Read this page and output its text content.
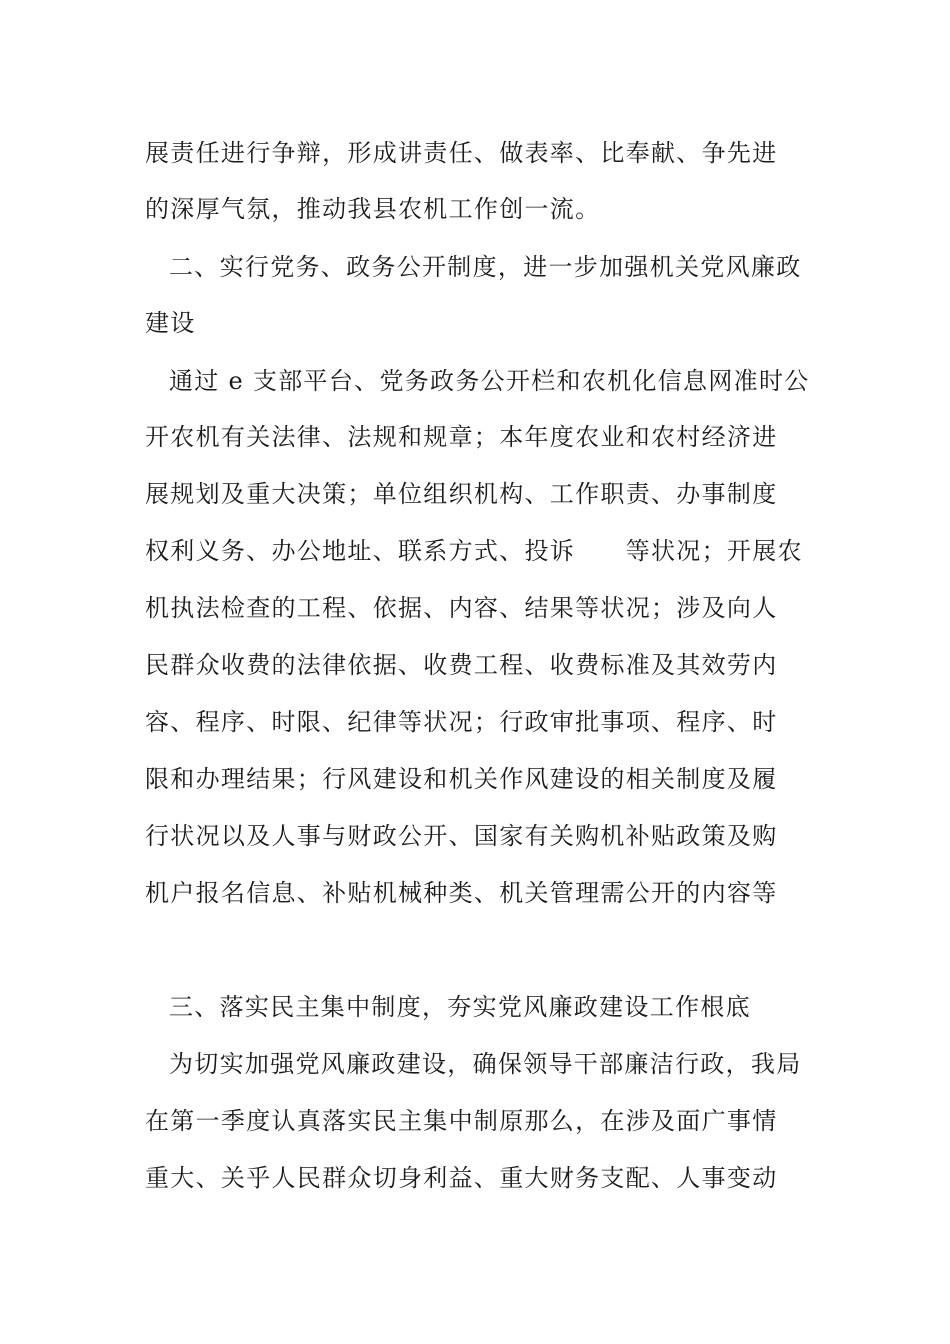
展责任进行争辩，形成讲责任、做表率、比奉献、争先进
的深厚气氛，推动我县农机工作创一流。
二、实行党务、政务公开制度，进一步加强机关党风廉政
建设
通过 e 支部平台、党务政务公开栏和农机化信息网准时公
开农机有关法律、法规和规章；本年度农业和农村经济进
展规划及重大决策；单位组织机构、工作职责、办事制度
权利义务、办公地址、联系方式、投诉　　等状况；开展农
机执法检查的工程、依据、内容、结果等状况；涉及向人
民群众收费的法律依据、收费工程、收费标准及其效劳内
容、程序、时限、纪律等状况；行政审批事项、程序、时
限和办理结果；行风建设和机关作风建设的相关制度及履
行状况以及人事与财政公开、国家有关购机补贴政策及购
机户报名信息、补贴机械种类、机关管理需公开的内容等
三、落实民主集中制度，夯实党风廉政建设工作根底
为切实加强党风廉政建设，确保领导干部廉洁行政，我局
在第一季度认真落实民主集中制原那么，在涉及面广事情
重大、关乎人民群众切身利益、重大财务支配、人事变动
